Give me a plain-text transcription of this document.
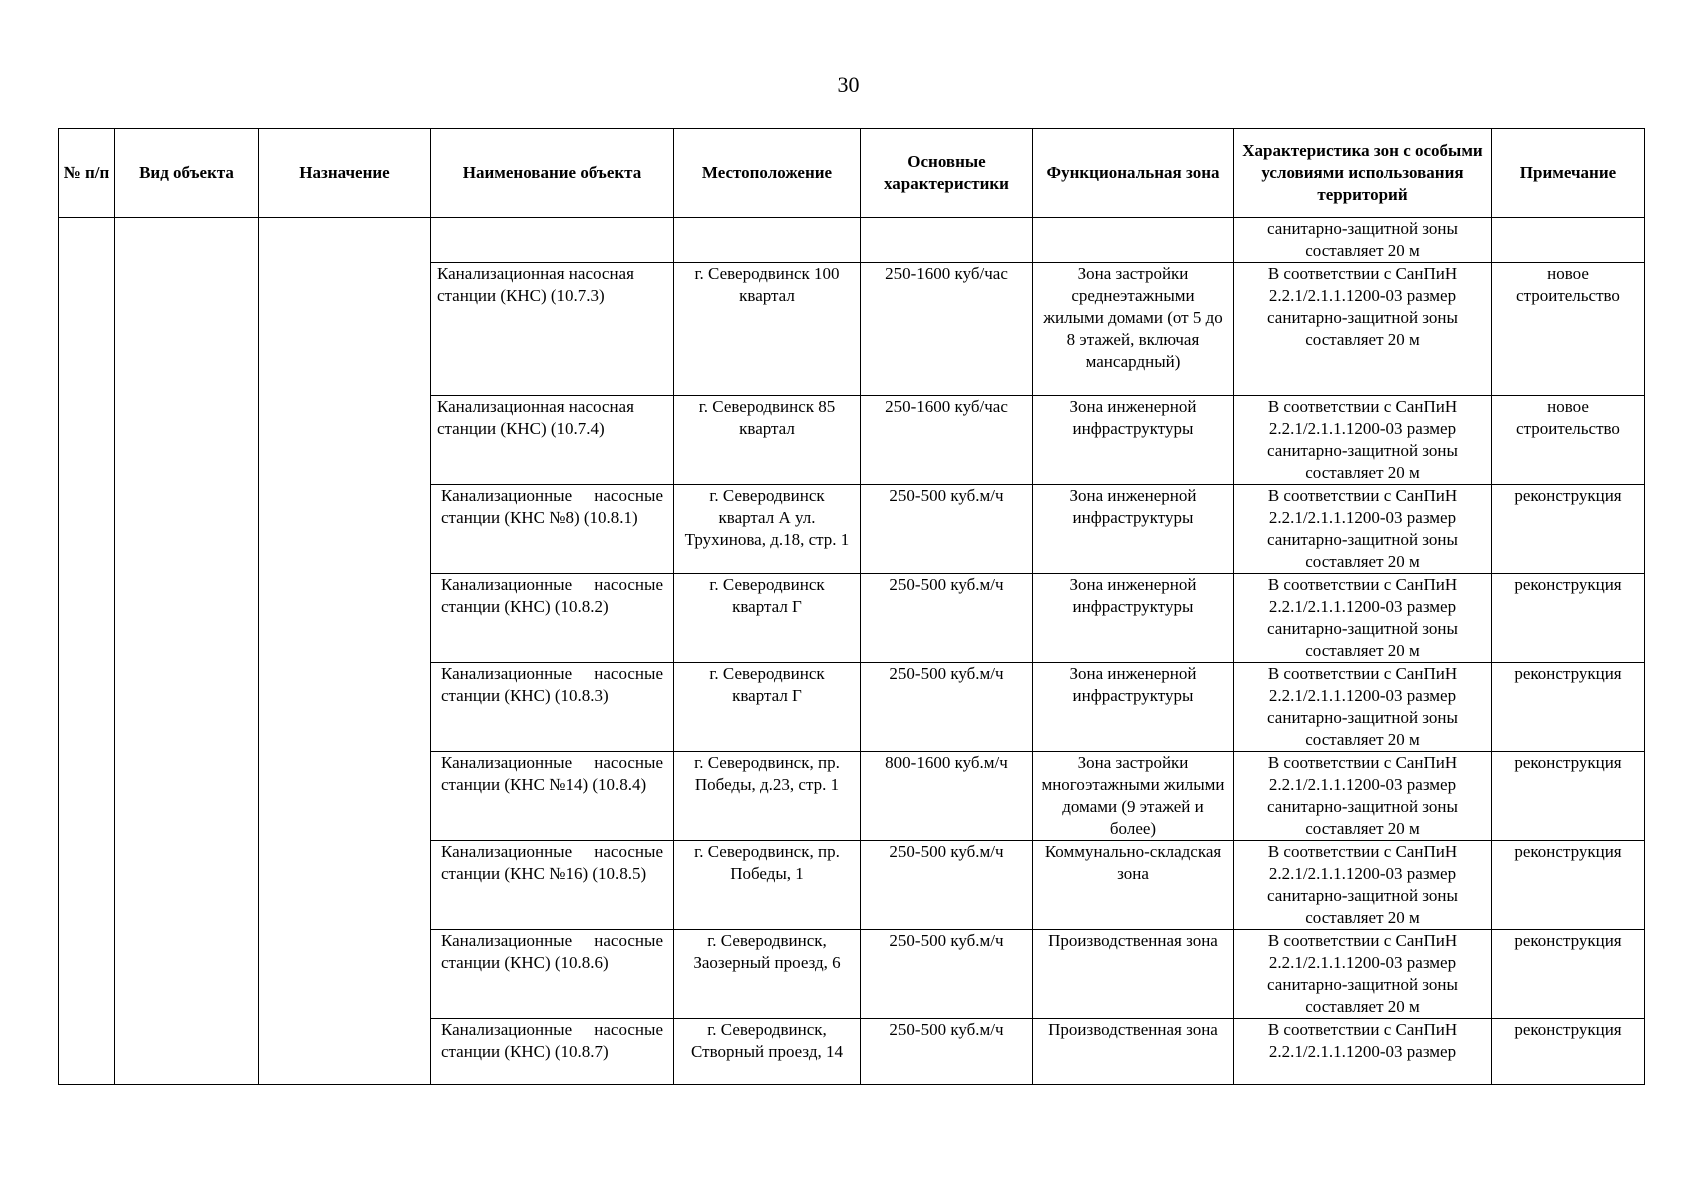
30
№ п/п	Вид объекта	Назначение	Наименование объекта	Местоположение	Основные характеристики	Функциональная зона	Характеристика зон с особыми условиями использования территорий	Примечание
							санитарно-защитной зоны составляет 20 м	
			Канализационная насосная станции (КНС) (10.7.3)	г. Северодвинск 100 квартал	250-1600 куб/час	Зона застройки среднеэтажными жилыми домами (от 5 до 8 этажей, включая мансардный)	В соответствии с СанПиН 2.2.1/2.1.1.1200-03 размер санитарно-защитной зоны составляет 20 м	новое строительство
			Канализационная насосная станции (КНС) (10.7.4)	г. Северодвинск 85 квартал	250-1600 куб/час	Зона инженерной инфраструктуры	В соответствии с СанПиН 2.2.1/2.1.1.1200-03 размер санитарно-защитной зоны составляет 20 м	новое строительство
			Канализационные насосные станции (КНС №8) (10.8.1)	г. Северодвинск квартал А ул. Трухинова, д.18, стр. 1	250-500 куб.м/ч	Зона инженерной инфраструктуры	В соответствии с СанПиН 2.2.1/2.1.1.1200-03 размер санитарно-защитной зоны составляет 20 м	реконструкция
			Канализационные насосные станции (КНС) (10.8.2)	г. Северодвинск квартал Г	250-500 куб.м/ч	Зона инженерной инфраструктуры	В соответствии с СанПиН 2.2.1/2.1.1.1200-03 размер санитарно-защитной зоны составляет 20 м	реконструкция
			Канализационные насосные станции (КНС) (10.8.3)	г. Северодвинск квартал Г	250-500 куб.м/ч	Зона инженерной инфраструктуры	В соответствии с СанПиН 2.2.1/2.1.1.1200-03 размер санитарно-защитной зоны составляет 20 м	реконструкция
			Канализационные насосные станции (КНС №14) (10.8.4)	г. Северодвинск, пр. Победы, д.23, стр. 1	800-1600 куб.м/ч	Зона застройки многоэтажными жилыми домами (9 этажей и более)	В соответствии с СанПиН 2.2.1/2.1.1.1200-03 размер санитарно-защитной зоны составляет 20 м	реконструкция
			Канализационные насосные станции (КНС №16) (10.8.5)	г. Северодвинск, пр. Победы, 1	250-500 куб.м/ч	Коммунально-складская зона	В соответствии с СанПиН 2.2.1/2.1.1.1200-03 размер санитарно-защитной зоны составляет 20 м	реконструкция
			Канализационные насосные станции (КНС) (10.8.6)	г. Северодвинск, Заозерный проезд, 6	250-500 куб.м/ч	Производственная зона	В соответствии с СанПиН 2.2.1/2.1.1.1200-03 размер санитарно-защитной зоны составляет 20 м	реконструкция
			Канализационные насосные станции (КНС) (10.8.7)	г. Северодвинск, Створный проезд, 14	250-500 куб.м/ч	Производственная зона	В соответствии с СанПиН 2.2.1/2.1.1.1200-03 размер	реконструкция
